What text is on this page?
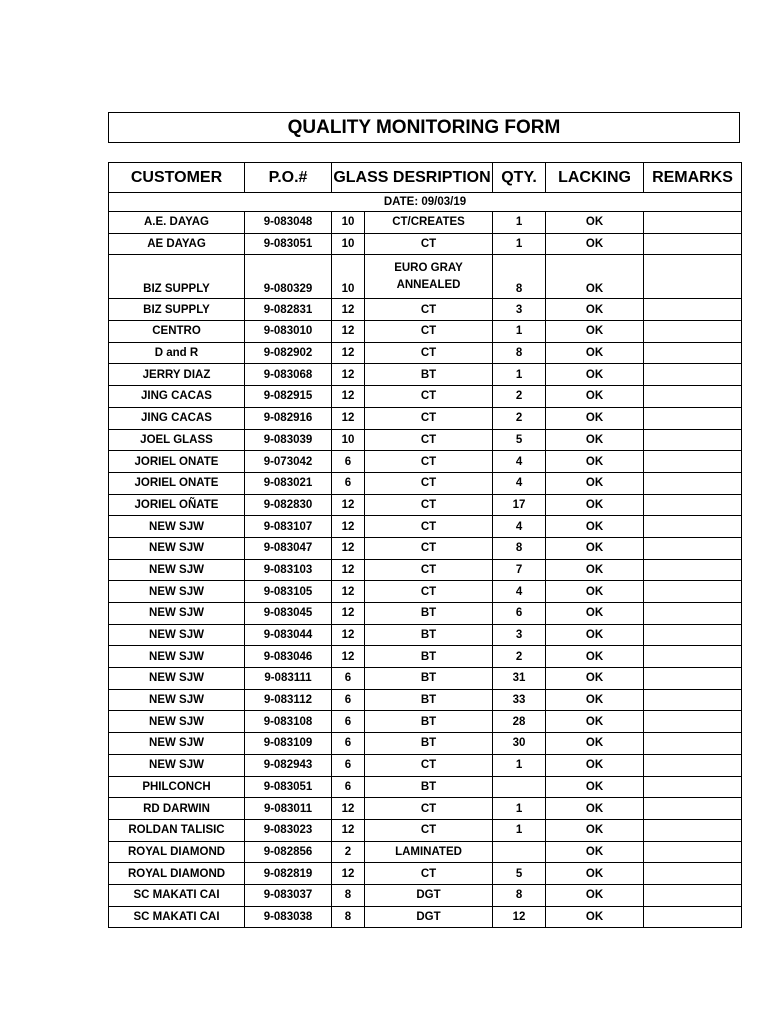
QUALITY MONITORING FORM
CUSTOMER	P.O.#	GLASS DESRIPTION		QTY.	LACKING	REMARKS
DATE: 09/03/19						
A.E. DAYAG	9-083048	10	CT/CREATES	1	OK	
AE DAYAG	9-083051	10	CT	1	OK	
BIZ SUPPLY	9-080329	10	EURO GRAY ANNEALED	8	OK	
BIZ SUPPLY	9-082831	12	CT	3	OK	
CENTRO	9-083010	12	CT	1	OK	
D and R	9-082902	12	CT	8	OK	
JERRY DIAZ	9-083068	12	BT	1	OK	
JING CACAS	9-082915	12	CT	2	OK	
JING CACAS	9-082916	12	CT	2	OK	
JOEL GLASS	9-083039	10	CT	5	OK	
JORIEL ONATE	9-073042	6	CT	4	OK	
JORIEL ONATE	9-083021	6	CT	4	OK	
JORIEL OÑATE	9-082830	12	CT	17	OK	
NEW SJW	9-083107	12	CT	4	OK	
NEW SJW	9-083047	12	CT	8	OK	
NEW SJW	9-083103	12	CT	7	OK	
NEW SJW	9-083105	12	CT	4	OK	
NEW SJW	9-083045	12	BT	6	OK	
NEW SJW	9-083044	12	BT	3	OK	
NEW SJW	9-083046	12	BT	2	OK	
NEW SJW	9-083111	6	BT	31	OK	
NEW SJW	9-083112	6	BT	33	OK	
NEW SJW	9-083108	6	BT	28	OK	
NEW SJW	9-083109	6	BT	30	OK	
NEW SJW	9-082943	6	CT	1	OK	
PHILCONCH	9-083051	6	BT		OK	
RD DARWIN	9-083011	12	CT	1	OK	
ROLDAN TALISIC	9-083023	12	CT	1	OK	
ROYAL DIAMOND	9-082856	2	LAMINATED		OK	
ROYAL DIAMOND	9-082819	12	CT	5	OK	
SC MAKATI CAI	9-083037	8	DGT	8	OK	
SC MAKATI CAI	9-083038	8	DGT	12	OK	
